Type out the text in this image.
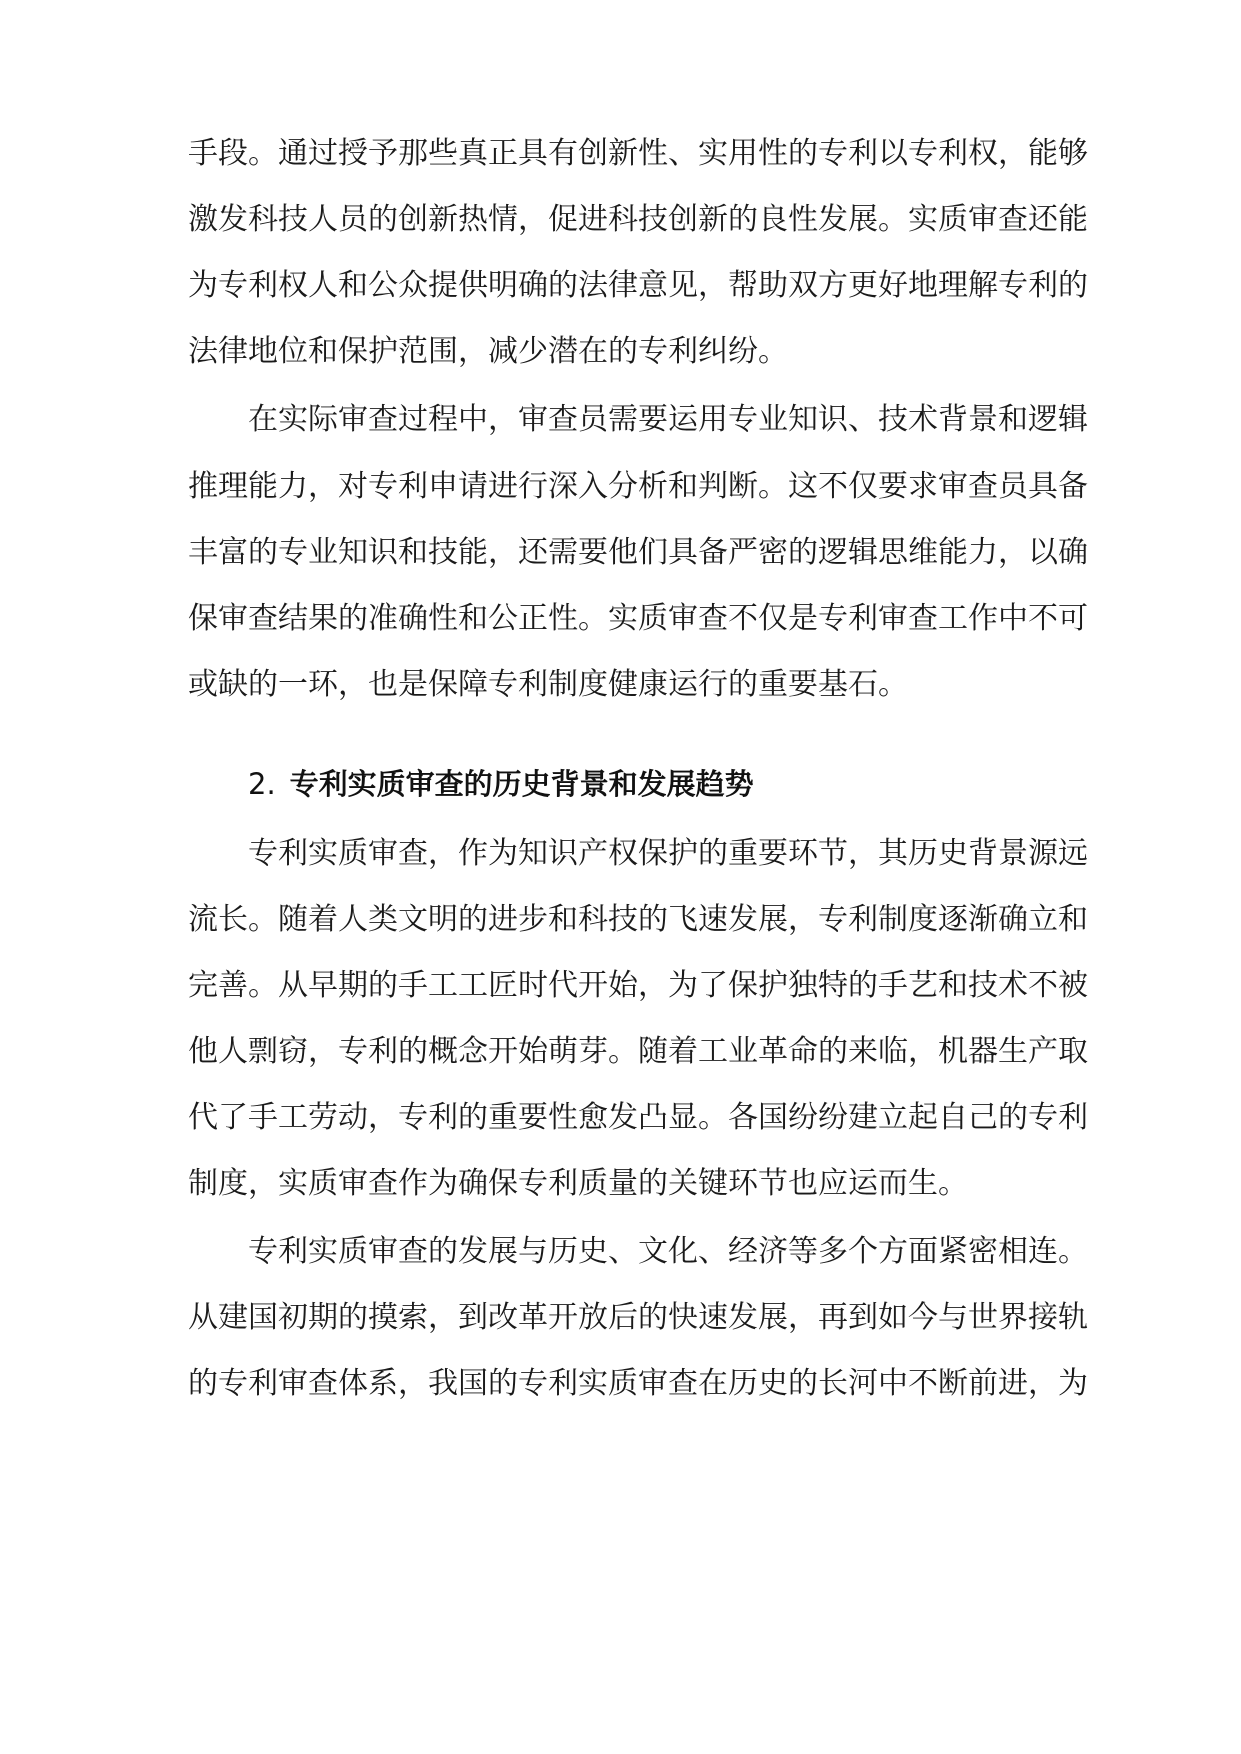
手段。通过授予那些真正具有创新性、实用性的专利以专利权，能够
激发科技人员的创新热情，促进科技创新的良性发展。实质审查还能
为专利权人和公众提供明确的法律意见，帮助双方更好地理解专利的
法律地位和保护范围，减少潜在的专利纠纷。
在实际审查过程中，审查员需要运用专业知识、技术背景和逻辑
推理能力，对专利申请进行深入分析和判断。这不仅要求审查员具备
丰富的专业知识和技能，还需要他们具备严密的逻辑思维能力，以确
保审查结果的准确性和公正性。实质审查不仅是专利审查工作中不可
或缺的一环，也是保障专利制度健康运行的重要基石。
2. 专利实质审查的历史背景和发展趋势
专利实质审查，作为知识产权保护的重要环节，其历史背景源远
流长。随着人类文明的进步和科技的飞速发展，专利制度逐渐确立和
完善。从早期的手工工匠时代开始，为了保护独特的手艺和技术不被
他人剽窃，专利的概念开始萌芽。随着工业革命的来临，机器生产取
代了手工劳动，专利的重要性愈发凸显。各国纷纷建立起自己的专利
制度，实质审查作为确保专利质量的关键环节也应运而生。
专利实质审查的发展与历史、文化、经济等多个方面紧密相连。
从建国初期的摸索，到改革开放后的快速发展，再到如今与世界接轨
的专利审查体系，我国的专利实质审查在历史的长河中不断前进，为
